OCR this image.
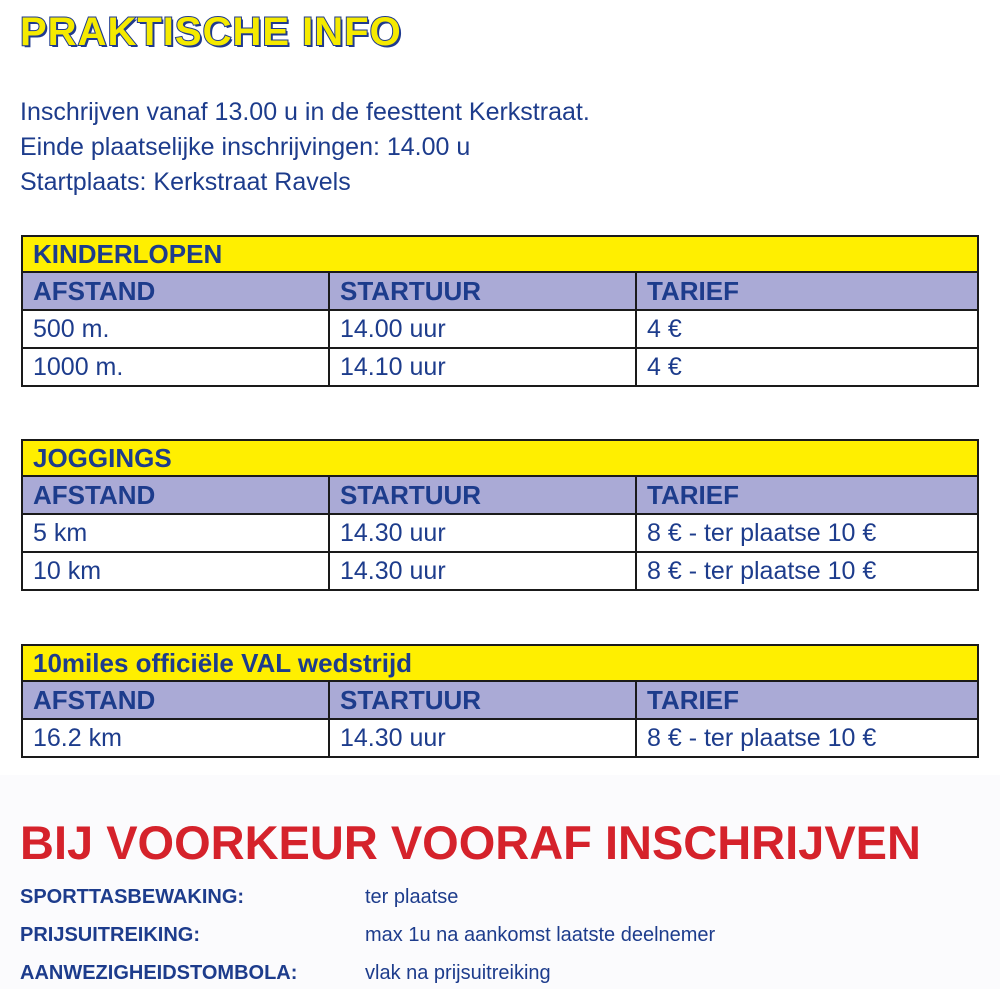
PRAKTISCHE INFO
Inschrijven vanaf 13.00 u in de feesttent Kerkstraat.
Einde plaatselijke inschrijvingen: 14.00 u
Startplaats: Kerkstraat Ravels
KINDERLOPEN		
AFSTAND	STARTUUR	TARIEF
500 m.	14.00 uur	4 €
1000 m.	14.10 uur	4 €
JOGGINGS		
AFSTAND	STARTUUR	TARIEF
5 km	14.30 uur	8 € - ter plaatse 10 €
10 km	14.30 uur	8 € - ter plaatse 10 €
10miles officiële VAL wedstrijd		
AFSTAND	STARTUUR	TARIEF
16.2 km	14.30 uur	8 € - ter plaatse 10 €
BIJ VOORKEUR VOORAF INSCHRIJVEN
SPORTTASBEWAKING:	ter plaatse
PRIJSUITREIKING:	max 1u na aankomst laatste deelnemer
AANWEZIGHEIDSTOMBOLA:	vlak na prijsuitreiking
